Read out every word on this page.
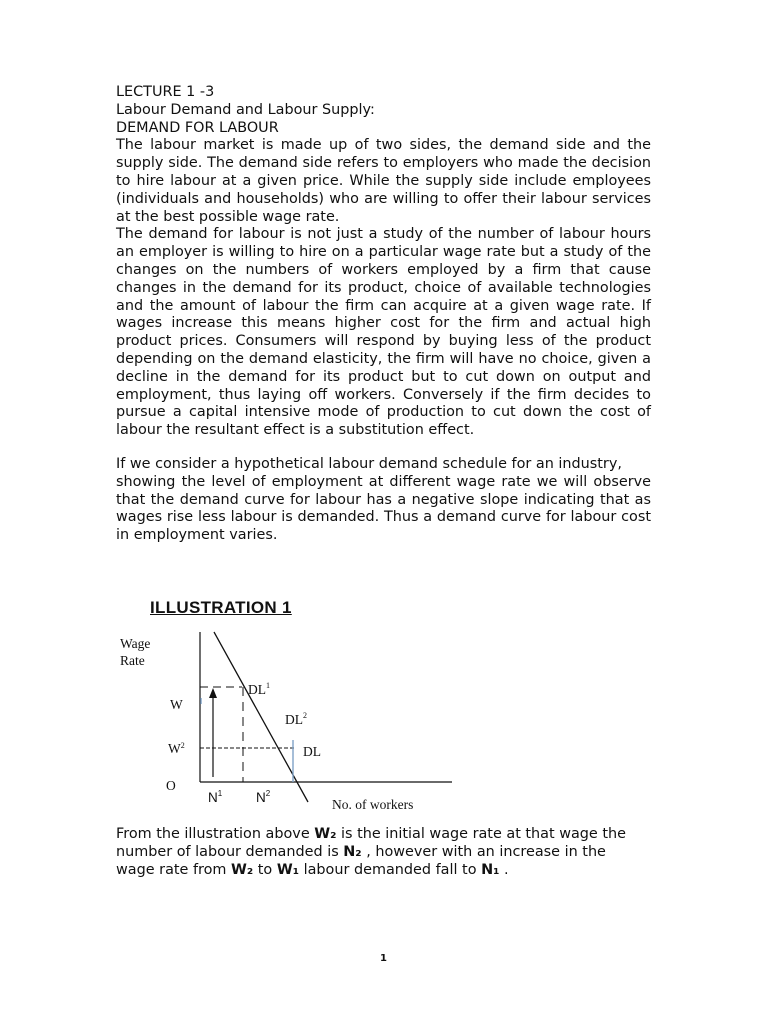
LECTURE 1 -3

Labour Demand and Labour Supply:

DEMAND FOR LABOUR

The labour market is made up of two sides, the demand side and the supply side. The demand side refers to employers who made the decision to hire labour at a given price. While the supply side include employees (individuals and households) who are willing to offer their labour services at the best possible wage rate.

The demand for labour is not just a study of the number of labour hours an employer is willing to hire on a particular wage rate but a study of the changes on the numbers of workers employed by a firm that cause changes in the demand for its product, choice of available technologies and the amount of labour the firm can acquire at a given wage rate. If wages increase this means higher cost for the firm and actual high product prices. Consumers will respond by buying less of the product depending on the demand elasticity, the firm will have no choice, given a decline in the demand for its product but to cut down on output and employment, thus laying off workers. Conversely if the firm decides to pursue a capital intensive mode of production to cut down the cost of labour the resultant effect is a substitution effect.

If we consider a hypothetical labour demand schedule for an industry,

showing the level of employment at different wage rate we will observe that the demand curve for labour has a negative slope indicating that as wages rise less labour is demanded. Thus a demand curve for labour cost in employment varies.

ILLUSTRATION 1
Wage
Rate
W
$W^2$
O
$DL^1$
$DL^2$
DL
$N^1$	$N^2$
No. of workers

From the illustration above W₂ is the initial wage rate at that wage the

number of labour demanded is N₂ , however with an increase in the

wage rate from W₂ to W₁ labour demanded fall to N₁ .

1
